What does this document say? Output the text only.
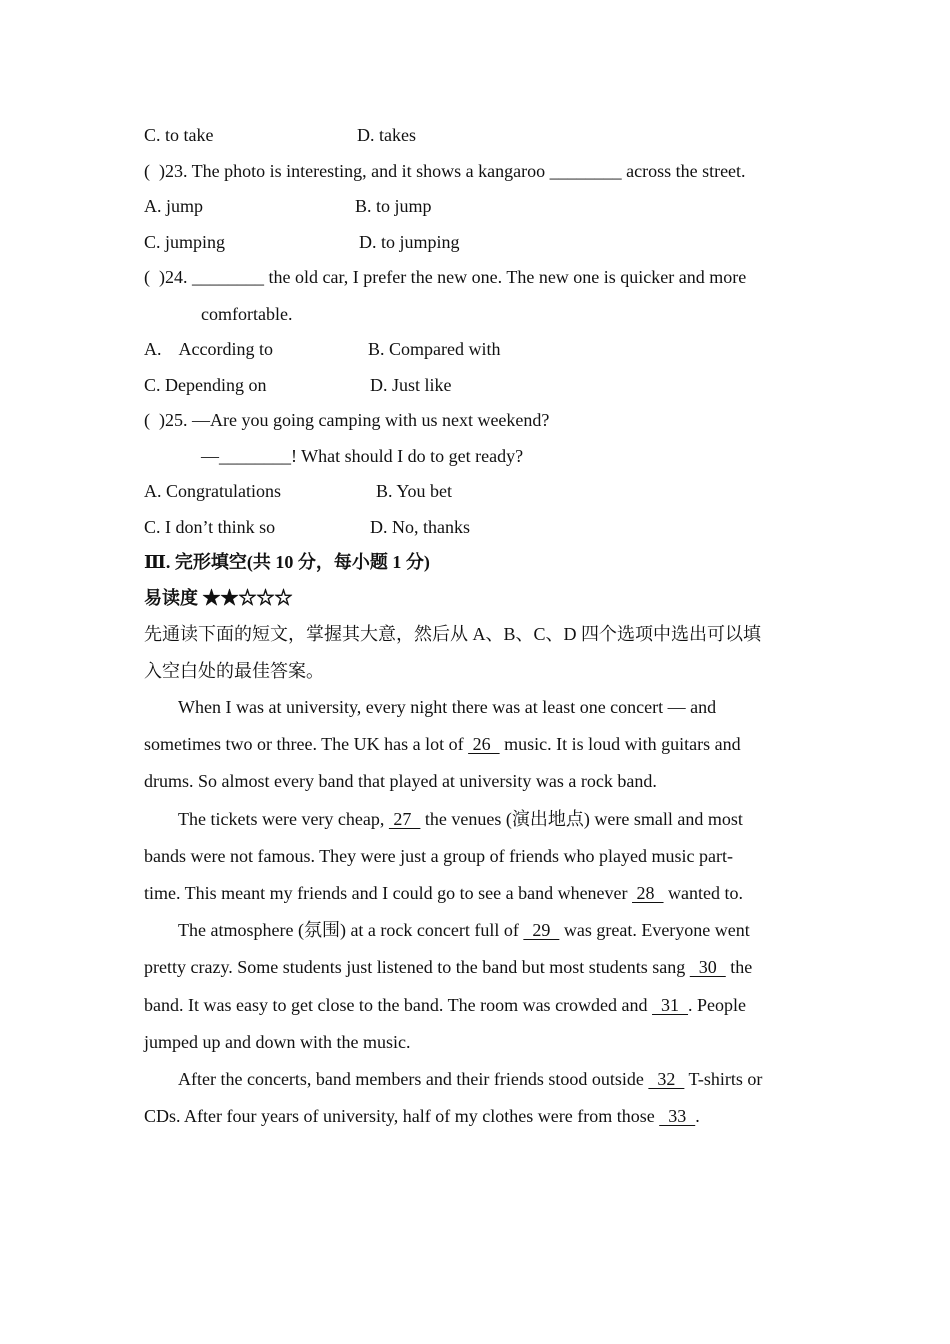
C. to take	D. takes
(  )23. The photo is interesting, and it shows a kangaroo ________ across the street.
A. jump	B. to jump
C. jumping	D. to jumping
(  )24. ________ the old car, I prefer the new one. The new one is quicker and more
comfortable.
A.    According to	B. Compared with
C. Depending on	D. Just like
(  )25. —Are you going camping with us next weekend?
—________! What should I do to get ready?
A. Congratulations	B. You bet
C. I don’t think so	D. No, thanks
Ⅲ. 完形填空(共 10 分，每小题 1 分)
易读度 ★★☆☆☆
先通读下面的短文，掌握其大意，然后从 A、B、C、D 四个选项中选出可以填
入空白处的最佳答案。
When I was at university, every night there was at least one concert — and
sometimes two or three. The UK has a lot of  26   music. It is loud with guitars and
drums. So almost every band that played at university was a rock band.
The tickets were very cheap,  27   the venues (演出地点) were small and most
bands were not famous. They were just a group of friends who played music part-
time. This meant my friends and I could go to see a band whenever  28   wanted to.
The atmosphere (氛围) at a rock concert full of   29   was great. Everyone went
pretty crazy. Some students just listened to the band but most students sang   30   the
band. It was easy to get close to the band. The room was crowded and   31  . People
jumped up and down with the music.
After the concerts, band members and their friends stood outside   32   T-shirts or
CDs. After four years of university, half of my clothes were from those   33  .
